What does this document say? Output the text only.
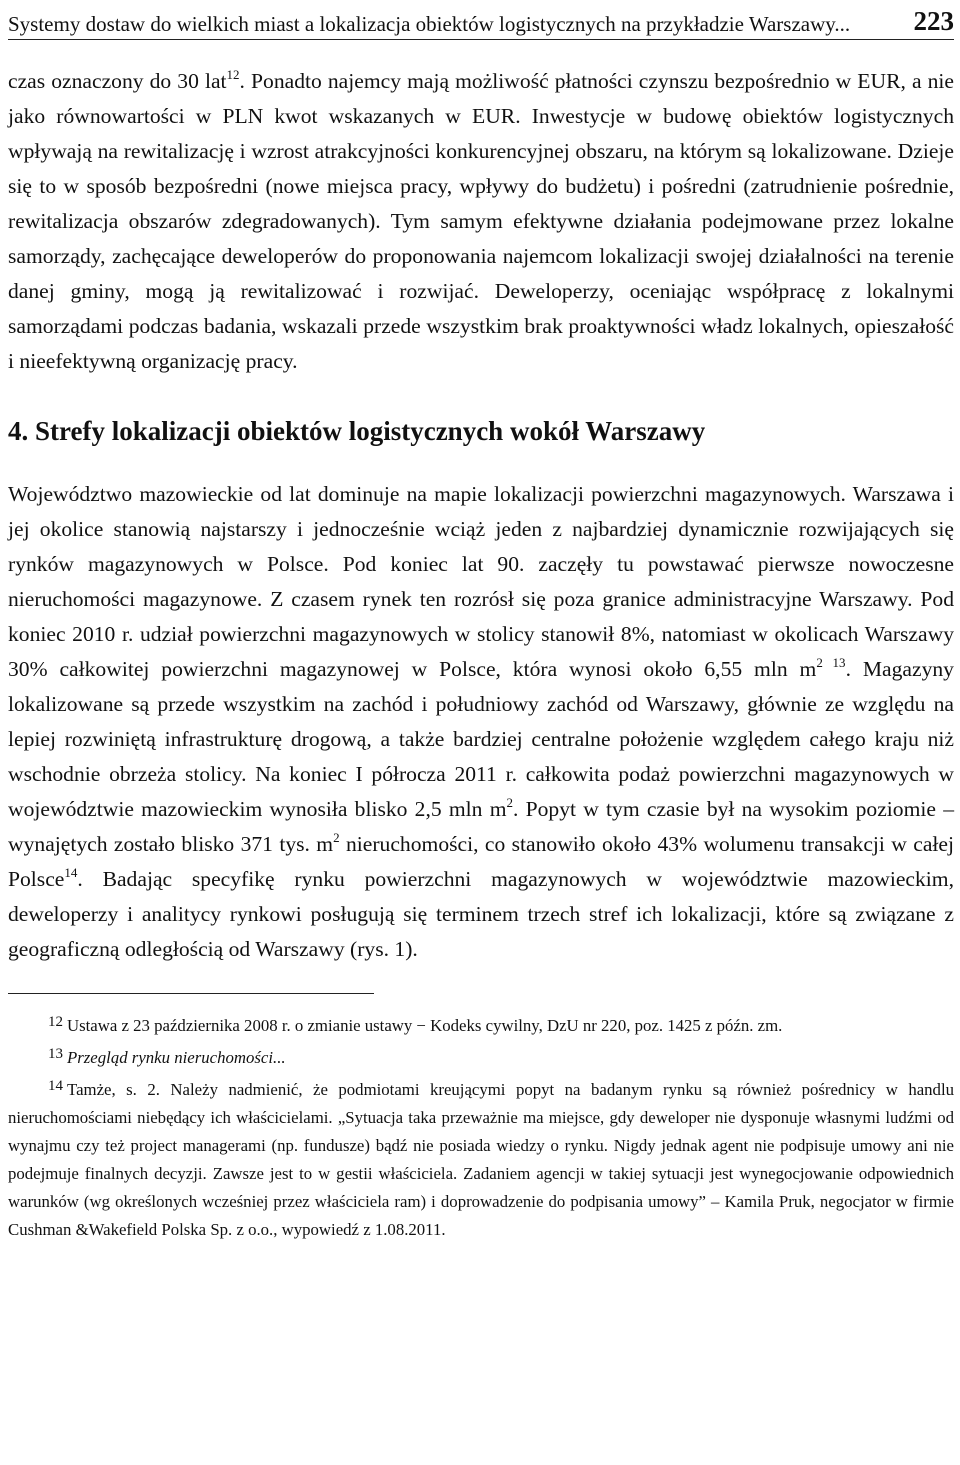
Systemy dostaw do wielkich miast a lokalizacja obiektów logistycznych na przykładzie Warszawy... 223

czas oznaczony do 30 lat$^{12}$. Ponadto najemcy mają możliwość płatności czynszu bezpośrednio w EUR, a nie jako równowartości w PLN kwot wskazanych w EUR. Inwestycje w budowę obiektów logistycznych wpływają na rewitalizację i wzrost atrakcyjności konkurencyjnej obszaru, na którym są lokalizowane. Dzieje się to w sposób bezpośredni (nowe miejsca pracy, wpływy do budżetu) i pośredni (zatrudnienie pośrednie, rewitalizacja obszarów zdegradowanych). Tym samym efektywne działania podejmowane przez lokalne samorządy, zachęcające deweloperów do proponowania najemcom lokalizacji swojej działalności na terenie danej gminy, mogą ją rewitalizować i rozwijać. Deweloperzy, oceniając współpracę z lokalnymi samorządami podczas badania, wskazali przede wszystkim brak proaktywności władz lokalnych, opieszałość i nieefektywną organizację pracy.

4. Strefy lokalizacji obiektów logistycznych wokół Warszawy

Województwo mazowieckie od lat dominuje na mapie lokalizacji powierzchni magazynowych. Warszawa i jej okolice stanowią najstarszy i jednocześnie wciąż jeden z najbardziej dynamicznie rozwijających się rynków magazynowych w Polsce. Pod koniec lat 90. zaczęły tu powstawać pierwsze nowoczesne nieruchomości magazynowe. Z czasem rynek ten rozrósł się poza granice administracyjne Warszawy. Pod koniec 2010 r. udział powierzchni magazynowych w stolicy stanowił 8%, natomiast w okolicach Warszawy 30% całkowitej powierzchni magazynowej w Polsce, która wynosi około 6,55 mln $m^{2 13}$. Magazyny lokalizowane są przede wszystkim na zachód i południowy zachód od Warszawy, głównie ze względu na lepiej rozwiniętą infrastrukturę drogową, a także bardziej centralne położenie względem całego kraju niż wschodnie obrzeża stolicy. Na koniec I półrocza 2011 r. całkowita podaż powierzchni magazynowych w województwie mazowieckim wynosiła blisko 2,5 mln $m^2$. Popyt w tym czasie był na wysokim poziomie – wynajętych zostało blisko 371 tys. $m^2$ nieruchomości, co stanowiło około 43% wolumenu transakcji w całej Polsce$^{14}$. Badając specyfikę rynku powierzchni magazynowych w województwie mazowieckim, deweloperzy i analitycy rynkowi posługują się terminem trzech stref ich lokalizacji, które są związane z geograficzną odległością od Warszawy (rys. 1).

12 Ustawa z 23 października 2008 r. o zmianie ustawy − Kodeks cywilny, DzU nr 220, poz. 1425 z późn. zm.

13 Przegląd rynku nieruchomości...

14 Tamże, s. 2. Należy nadmienić, że podmiotami kreującymi popyt na badanym rynku są również pośrednicy w handlu nieruchomościami niebędący ich właścicielami. „Sytuacja taka przeważnie ma miejsce, gdy deweloper nie dysponuje własnymi ludźmi od wynajmu czy też project managerami (np. fundusze) bądź nie posiada wiedzy o rynku. Nigdy jednak agent nie podpisuje umowy ani nie podejmuje finalnych decyzji. Zawsze jest to w gestii właściciela. Zadaniem agencji w takiej sytuacji jest wynegocjowanie odpowiednich warunków (wg określonych wcześniej przez właściciela ram) i doprowadzenie do podpisania umowy” – Kamila Pruk, negocjator w firmie Cushman &Wakefield Polska Sp. z o.o., wypowiedź z 1.08.2011.
